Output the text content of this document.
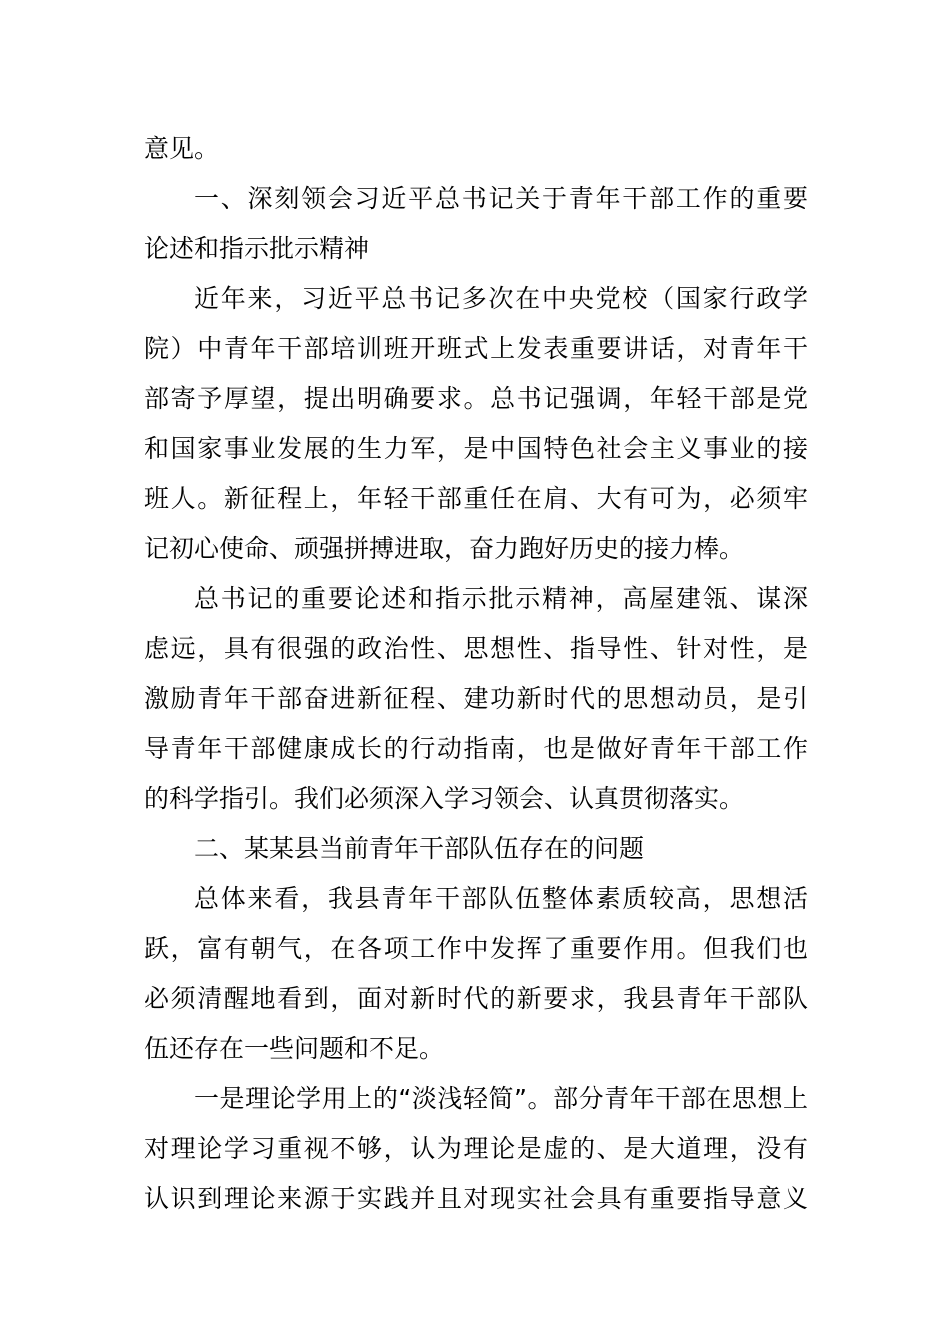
意见。
一、深刻领会习近平总书记关于青年干部工作的重要
论述和指示批示精神
近年来，习近平总书记多次在中央党校（国家行政学
院）中青年干部培训班开班式上发表重要讲话，对青年干
部寄予厚望，提出明确要求。总书记强调，年轻干部是党
和国家事业发展的生力军，是中国特色社会主义事业的接
班人。新征程上，年轻干部重任在肩、大有可为，必须牢
记初心使命、顽强拼搏进取，奋力跑好历史的接力棒。
总书记的重要论述和指示批示精神，高屋建瓴、谋深
虑远，具有很强的政治性、思想性、指导性、针对性，是
激励青年干部奋进新征程、建功新时代的思想动员，是引
导青年干部健康成长的行动指南，也是做好青年干部工作
的科学指引。我们必须深入学习领会、认真贯彻落实。
二、某某县当前青年干部队伍存在的问题
总体来看，我县青年干部队伍整体素质较高，思想活
跃，富有朝气，在各项工作中发挥了重要作用。但我们也
必须清醒地看到，面对新时代的新要求，我县青年干部队
伍还存在一些问题和不足。
一是理论学用上的“淡浅轻简”。部分青年干部在思想上
对理论学习重视不够，认为理论是虚的、是大道理，没有
认识到理论来源于实践并且对现实社会具有重要指导意义
